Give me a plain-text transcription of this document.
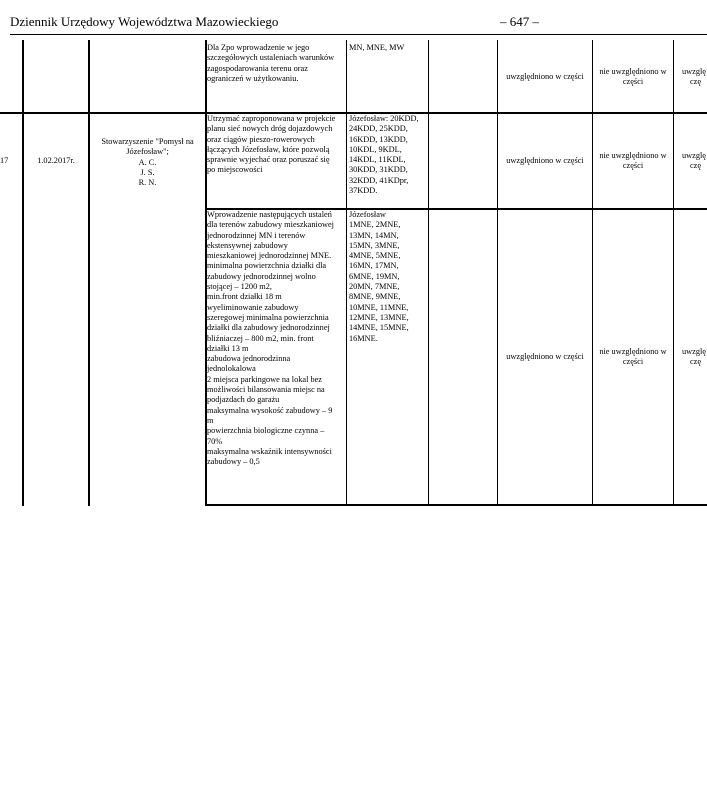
Dziennik Urzędowy Województwa Mazowieckiego	– 647 –

Dla Zpo wprowadzenie w jego

szczegółowych ustaleniach warunków

zagospodarowania terenu oraz

ograniczeń w użytkowaniu.

MN, MNE, MW

uwzględniono w części

nie uwzględniono w

części

uwzglę

czę

17	1.02.2017r.

Stowarzyszenie "Pomysł na

Józefosław";

A. C.

J. S.

R. N.

Utrzymać zaproponowana w projekcie

planu sieć nowych dróg dojazdowych

oraz ciągów pieszo-rowerowych

łączących Józefosław, które pozwolą

sprawnie wyjechać oraz poruszać się

po miejscowości

Józefosław: 20KDD,

24KDD, 25KDD,

16KDD, 13KDD,

10KDL, 9KDL,

14KDL, 11KDL,

30KDD, 31KDD,

32KDD, 41KDpr,

37KDD.

uwzględniono w części

nie uwzględniono w

części

uwzglę

czę

Wprowadzenie następujących ustaleń

dla terenów zabudowy mieszkaniowej

jednorodzinnej MN i terenów

ekstensywnej zabudowy

mieszkaniowej jednorodzinnej MNE.

minimalna powierzchnia działki dla

zabudowy jednorodzinnej wolno

stojącej – 1200 m2,

min.front działki 18 m

wyeliminowanie zabudowy

szeregowej minimalna powierzchnia

działki dla zabudowy jednorodzinnej

bliźniaczej – 800 m2, min. front

działki 13 m

zabudowa jednorodzinna

jednolokalowa

2 miejsca parkingowe na lokal bez

możliwości bilansowania miejsc na

podjazdach do garażu

maksymalna wysokość zabudowy – 9

m

powierzchnia biologiczne czynna –

70%

maksymalna wskaźnik intensywności

zabudowy – 0,5

Józefosław

1MNE, 2MNE,

13MN, 14MN,

15MN, 3MNE,

4MNE, 5MNE,

16MN, 17MN,

6MNE, 19MN,

20MN, 7MNE,

8MNE, 9MNE,

10MNE, 11MNE,

12MNE, 13MNE,

14MNE, 15MNE,

16MNE.

uwzględniono w części

nie uwzględniono w

części

uwzglę

czę
